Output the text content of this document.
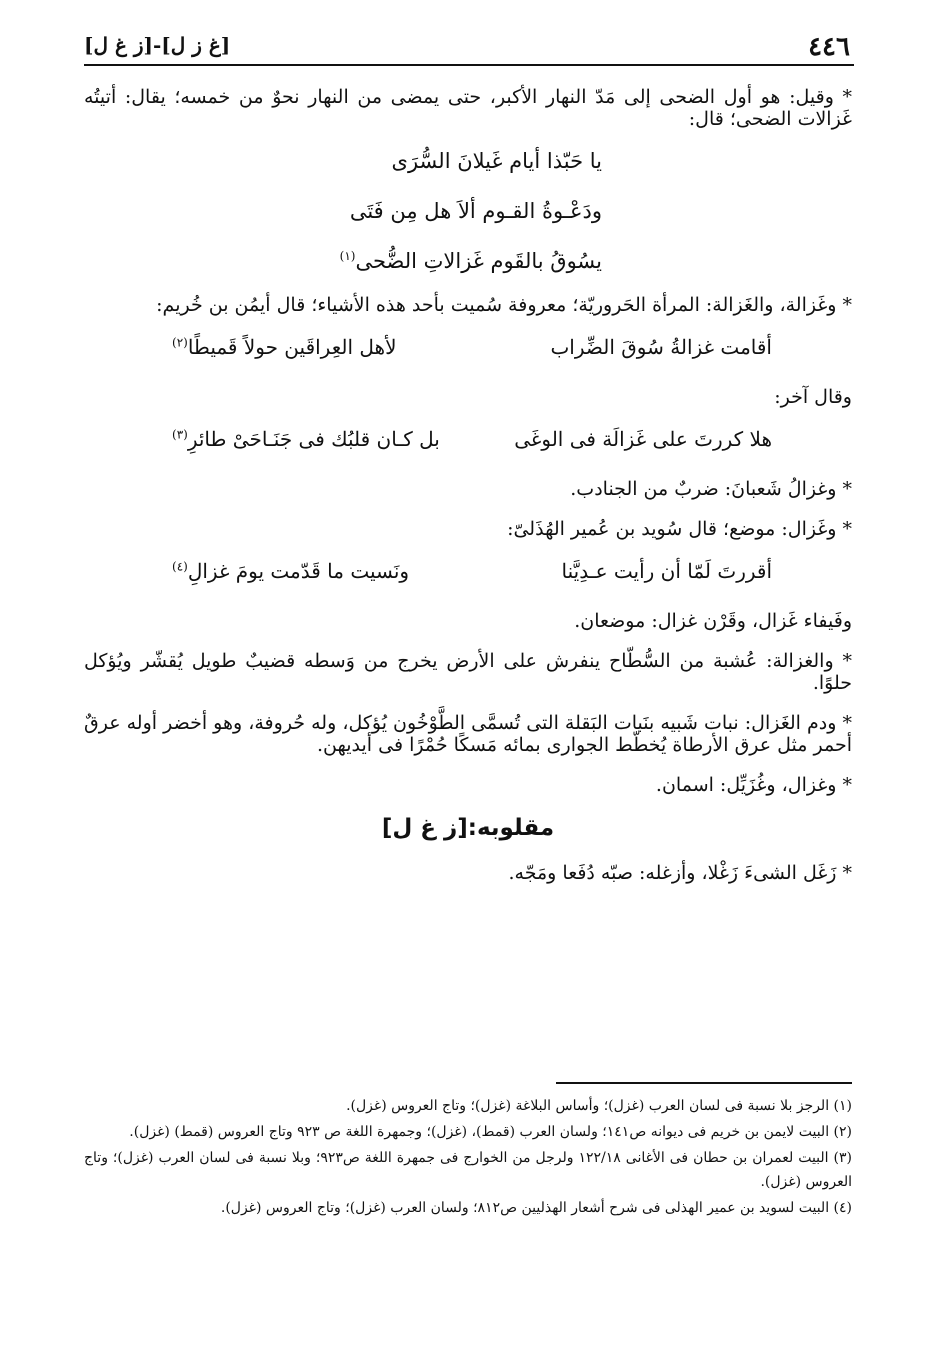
٤٤٦
[غ ز ل]-[ز غ ل]

* وقيل: هو أول الضحى إلى مَدّ النهار الأكبر، حتى يمضى من النهار نحوٌ من خمسه؛ يقال: أتيتُه غَزالات الضحى؛ قال:

يا حَبّذا أيام غَيلانَ السُّرَى
ودَعْـوةُ القـوم ألاَ هل مِن فَتَى
يسُوقُ بالقَوم غَزالاتِ الضُّحى$^{(١)}$

* وغَزالة، والغَزالة: المرأة الحَروريّة؛ معروفة سُميت بأحد هذه الأشياء؛ قال أيمُن بن خُريم:

أقامت غزالةُ سُوقَ الضِّراب
لأهل العِراقَين حولاً قَميطًا$^{(٢)}$

وقال آخر:

هلا كررتَ على غَزالَة فى الوغَى
بل كـان قلبُك فى جَنَـاحَىْ طائرِ$^{(٣)}$

* وغزالُ شَعبانَ: ضربٌ من الجنادب.

* وغَزال: موضع؛ قال سُويد بن عُمير الهُذَلىّ:

أقررتَ لَمّا أن رأيت عـدِيَّنا
ونَسيت ما قَدّمت يومَ غزالِ$^{(٤)}$

وفَيفاء غَزال، وقَرْن غزال: موضعان.

* والغزالة: عُشبة من السُّطّاح ينفرش على الأرض يخرج من وَسطه قضيبٌ طويل يُقشّر ويُؤكل حلوًا.

* ودم الغَزال: نبات شَبيه بنَبات البَقلة التى تُسمَّى الطَّوْخُون يُؤكل، وله حُروفة، وهو أخضر أوله عرقٌ أحمر مثل عرق الأرطاة يُخطّط الجوارى بمائه مَسكًا حُمْرًا فى أيديهن.

* وغزال، وغُزَيِّل: اسمان.

مقلوبه:[ز غ ل]

* زَغَل الشىءَ زَغْلا، وأزغله: صبّه دُفَعا ومَجّه.

(١) الرجز بلا نسبة فى لسان العرب (غزل)؛ وأساس البلاغة (غزل)؛ وتاج العروس (غزل).

(٢) البيت لايمن بن خريم فى ديوانه ص١٤١؛ ولسان العرب (قمط)، (غزل)؛ وجمهرة اللغة ص ٩٢٣ وتاج العروس (قمط) (غزل).

(٣) البيت لعمران بن حطان فى الأغانى ١٢٢/١٨ ولرجل من الخوارج فى جمهرة اللغة ص٩٢٣؛ وبلا نسبة فى لسان العرب (غزل)؛ وتاج العروس (غزل).

(٤) البيت لسويد بن عمير الهذلى فى شرح أشعار الهذليين ص٨١٢؛ ولسان العرب (غزل)؛ وتاج العروس (غزل).
